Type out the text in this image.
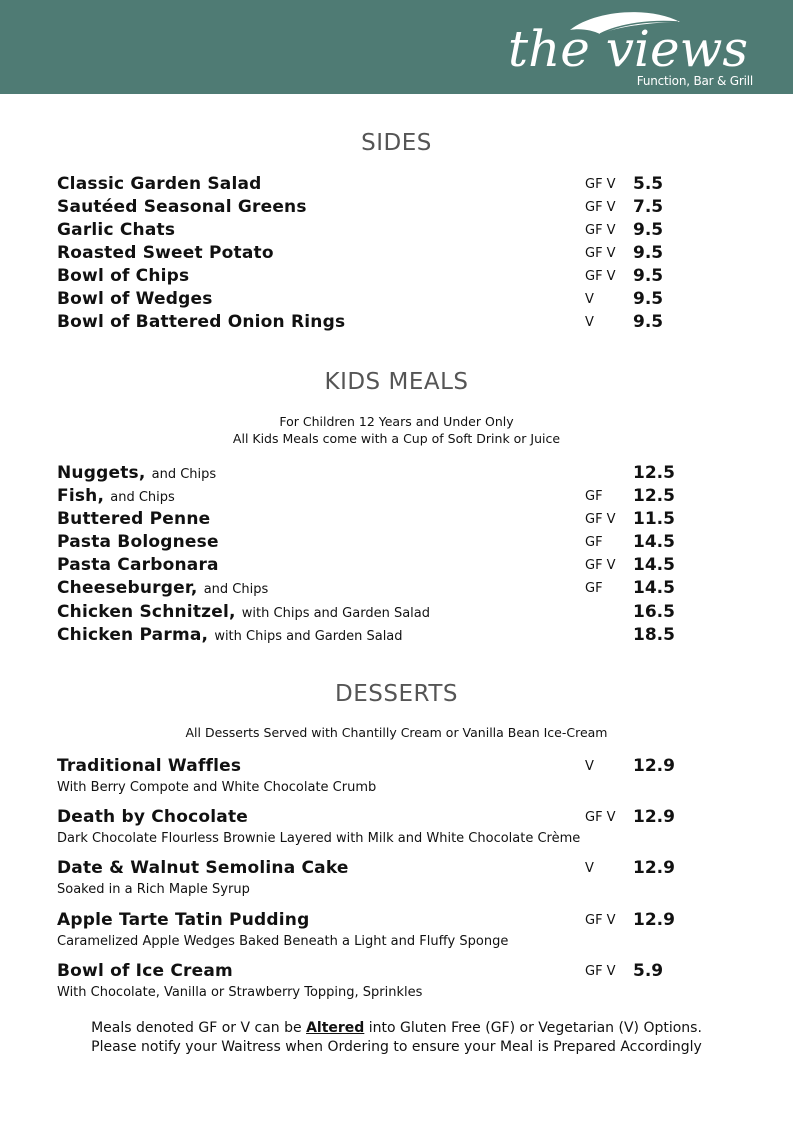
the views
Function, Bar & Grill
SIDES
Classic Garden Salad	GF V 5.5
Sautéed Seasonal Greens	GF V 7.5
Garlic Chats	GF V 9.5
Roasted Sweet Potato	GF V 9.5
Bowl of Chips	GF V 9.5
Bowl of Wedges	V 9.5
Bowl of Battered Onion Rings	V 9.5
KIDS MEALS
For Children 12 Years and Under Only
All Kids Meals come with a Cup of Soft Drink or Juice
Nuggets, and Chips	12.5
Fish, and Chips	GF 12.5
Buttered Penne	GF V 11.5
Pasta Bolognese	GF 14.5
Pasta Carbonara	GF V 14.5
Cheeseburger, and Chips	GF 14.5
Chicken Schnitzel, with Chips and Garden Salad	16.5
Chicken Parma, with Chips and Garden Salad	18.5
DESSERTS
All Desserts Served with Chantilly Cream or Vanilla Bean Ice-Cream
Traditional Waffles	V 12.9
With Berry Compote and White Chocolate Crumb
Death by Chocolate	GF V 12.9
Dark Chocolate Flourless Brownie Layered with Milk and White Chocolate Crème
Date & Walnut Semolina Cake	V 12.9
Soaked in a Rich Maple Syrup
Apple Tarte Tatin Pudding	GF V 12.9
Caramelized Apple Wedges Baked Beneath a Light and Fluffy Sponge
Bowl of Ice Cream	GF V 5.9
With Chocolate, Vanilla or Strawberry Topping, Sprinkles
Meals denoted GF or V can be Altered into Gluten Free (GF) or Vegetarian (V) Options.
Please notify your Waitress when Ordering to ensure your Meal is Prepared Accordingly
